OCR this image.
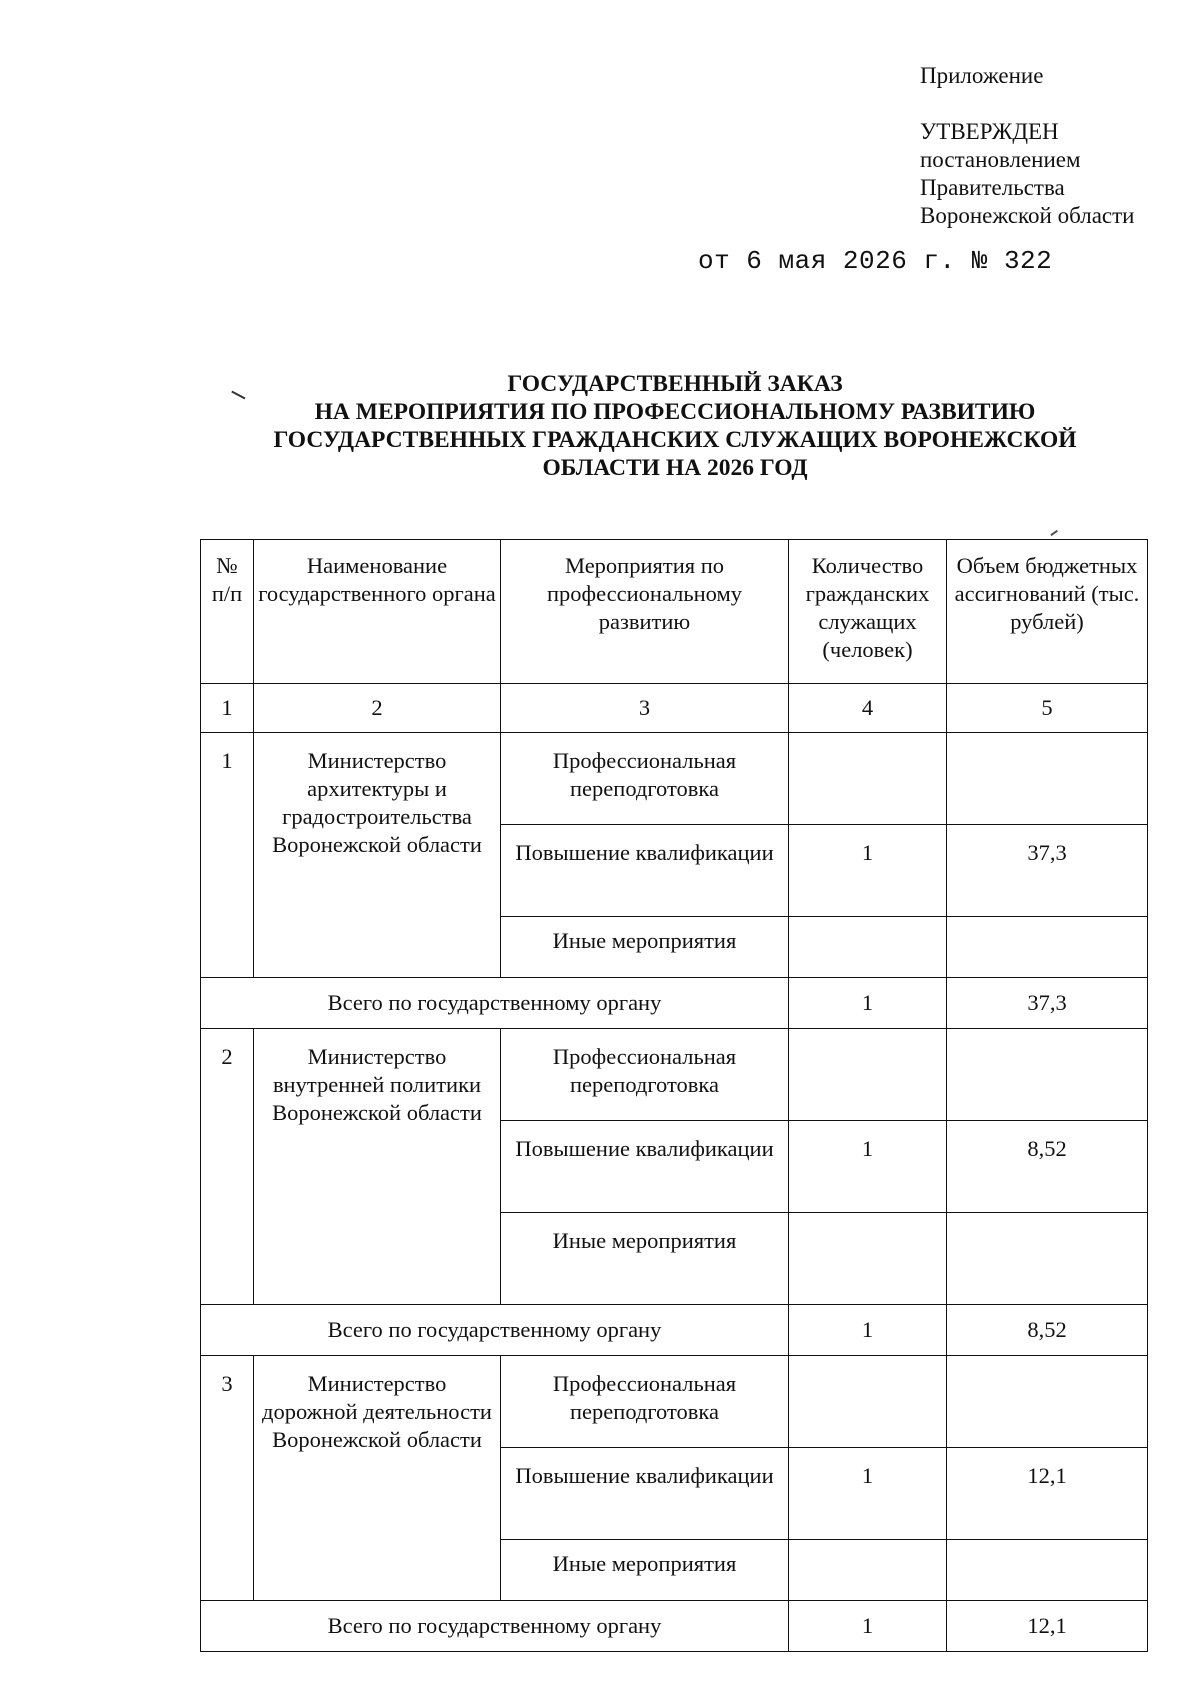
Приложение
УТВЕРЖДЕН
постановлением
Правительства
Воронежской области
от 6 мая 2026 г. № 322
ГОСУДАРСТВЕННЫЙ ЗАКАЗ
НА МЕРОПРИЯТИЯ ПО ПРОФЕССИОНАЛЬНОМУ РАЗВИТИЮ
ГОСУДАРСТВЕННЫХ ГРАЖДАНСКИХ СЛУЖАЩИХ ВОРОНЕЖСКОЙ
ОБЛАСТИ НА 2026 ГОД
№ п/п	Наименование государственного органа	Мероприятия по профессиональному развитию	Количество гражданских служащих (человек)	Объем бюджетных ассигнований (тыс. рублей)
1	2	3	4	5
1	Министерство архитектуры и градостроительства Воронежской области	Профессиональная переподготовка		
		Повышение квалификации	1	37,3
		Иные мероприятия		
Всего по государственному органу			1	37,3
2	Министерство внутренней политики Воронежской области	Профессиональная переподготовка		
		Повышение квалификации	1	8,52
		Иные мероприятия		
Всего по государственному органу			1	8,52
3	Министерство дорожной деятельности Воронежской области	Профессиональная переподготовка		
		Повышение квалификации	1	12,1
		Иные мероприятия		
Всего по государственному органу			1	12,1
